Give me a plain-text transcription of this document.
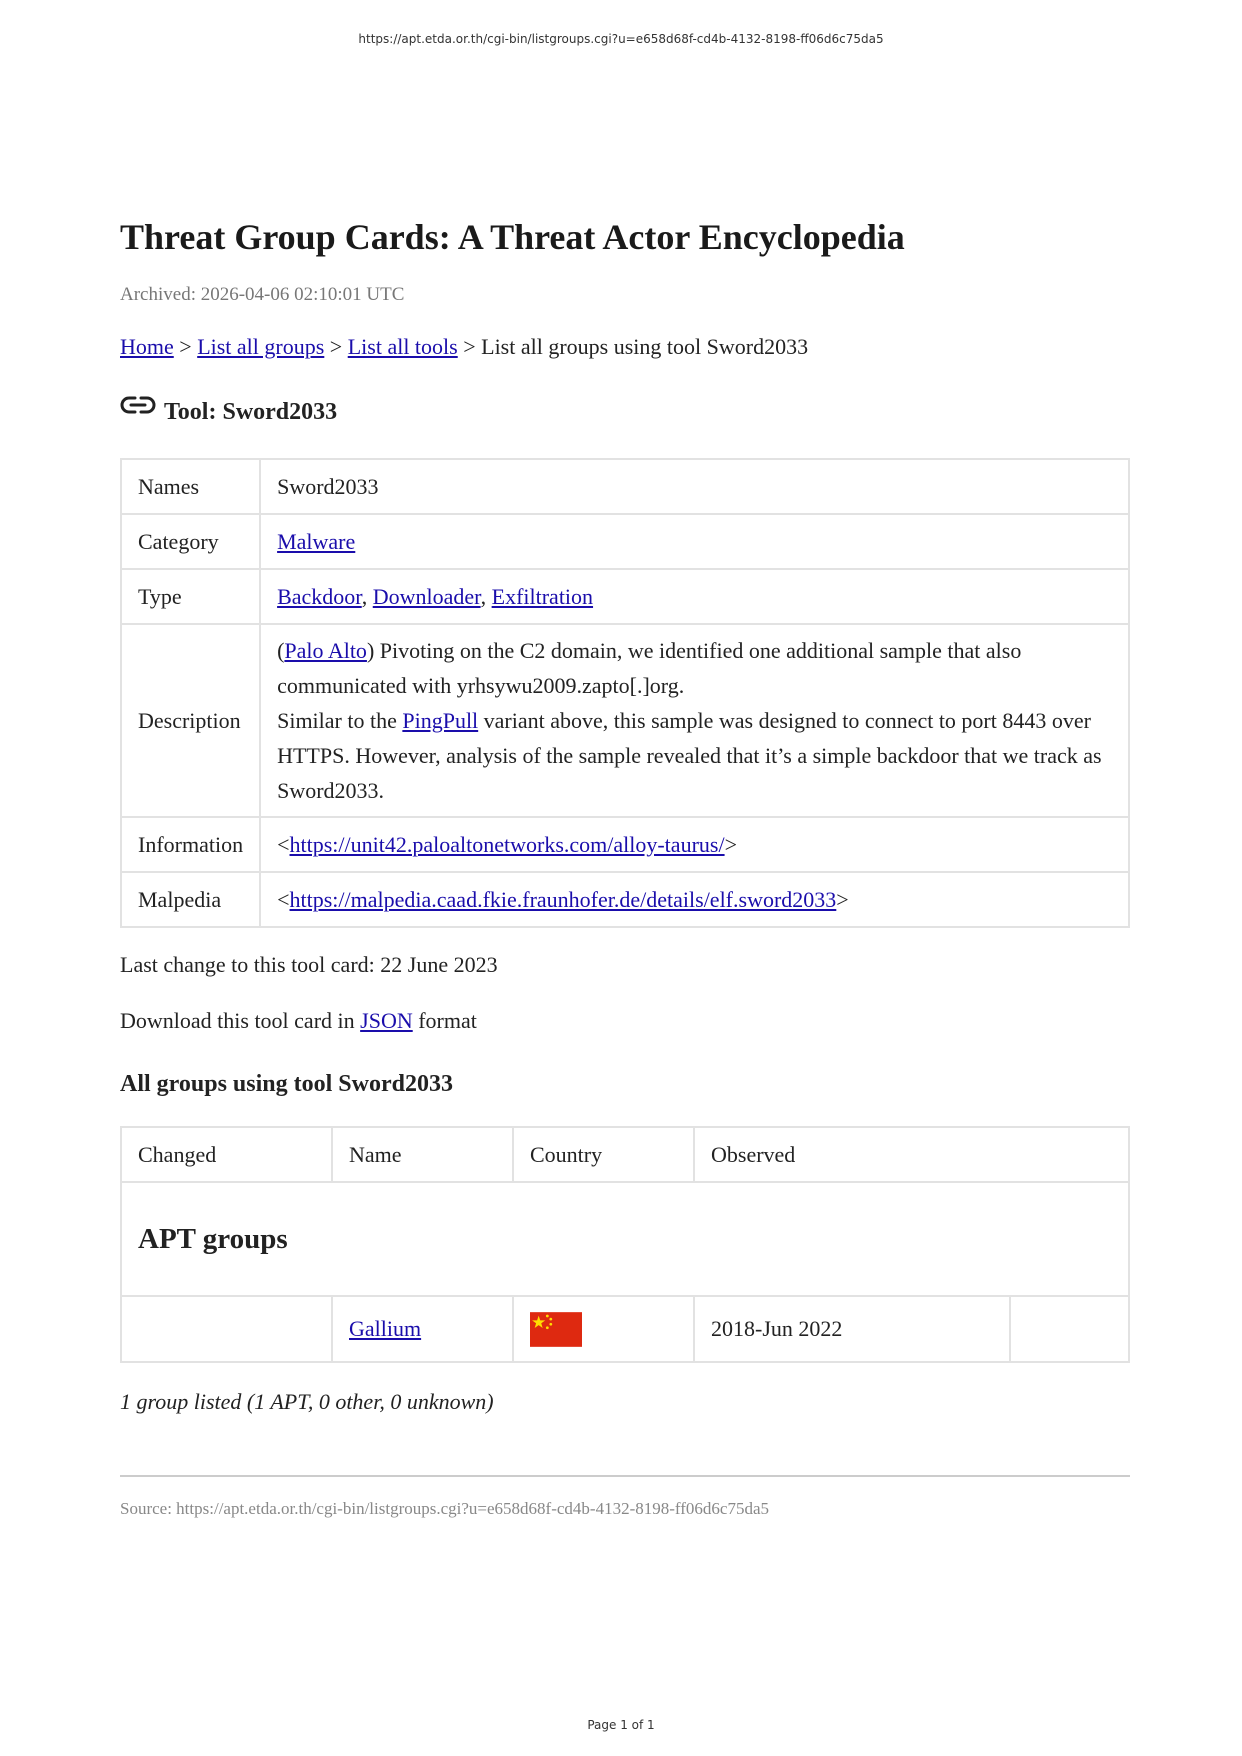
https://apt.etda.or.th/cgi-bin/listgroups.cgi?u=e658d68f-cd4b-4132-8198-ff06d6c75da5
Threat Group Cards: A Threat Actor Encyclopedia
Archived: 2026-04-06 02:10:01 UTC
Home > List all groups > List all tools > List all groups using tool Sword2033
Tool: Sword2033
Names	Sword2033
Category	Malware
Type	Backdoor, Downloader, Exfiltration
Description	(Palo Alto) Pivoting on the C2 domain, we identified one additional sample that also communicated with yrhsywu2009.zapto[.]org.

Similar to the PingPull variant above, this sample was designed to connect to port 8443 over HTTPS. However, analysis of the sample revealed that it’s a simple backdoor that we track as Sword2033.

Information	<https://unit42.paloaltonetworks.com/alloy-taurus/>
Malpedia	<https://malpedia.caad.fkie.fraunhofer.de/details/elf.sword2033>
Last change to this tool card: 22 June 2023
Download this tool card in JSON format
All groups using tool Sword2033
Changed	Name	Country	Observed	
APT groups				
	Gallium		2018-Jun 2022	
1 group listed (1 APT, 0 other, 0 unknown)
Source: https://apt.etda.or.th/cgi-bin/listgroups.cgi?u=e658d68f-cd4b-4132-8198-ff06d6c75da5
Page 1 of 1
